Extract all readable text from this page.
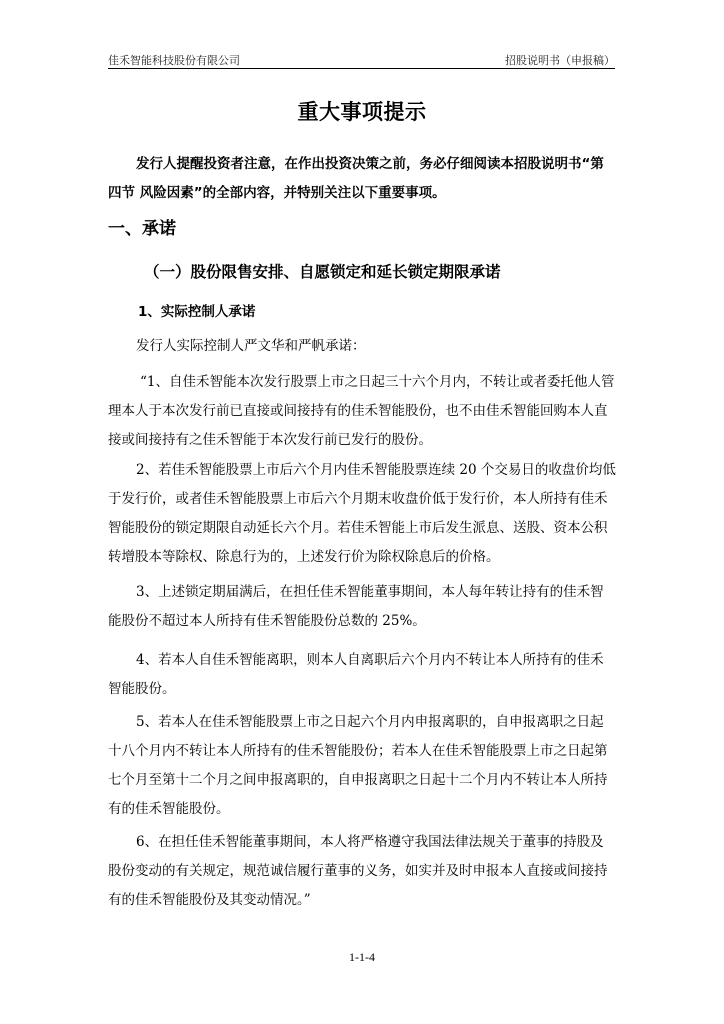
佳禾智能科技股份有限公司	招股说明书（申报稿）
重大事项提示

发行人提醒投资者注意，在作出投资决策之前，务必仔细阅读本招股说明书“第四节 风险因素”的全部内容，并特别关注以下重要事项。

一、承诺
（一）股份限售安排、自愿锁定和延长锁定期限承诺
1、实际控制人承诺

发行人实际控制人严文华和严帆承诺：

“1、自佳禾智能本次发行股票上市之日起三十六个月内，不转让或者委托他人管理本人于本次发行前已直接或间接持有的佳禾智能股份，也不由佳禾智能回购本人直接或间接持有之佳禾智能于本次发行前已发行的股份。

2、若佳禾智能股票上市后六个月内佳禾智能股票连续 20 个交易日的收盘价均低于发行价，或者佳禾智能股票上市后六个月期末收盘价低于发行价，本人所持有佳禾智能股份的锁定期限自动延长六个月。若佳禾智能上市后发生派息、送股、资本公积转增股本等除权、除息行为的，上述发行价为除权除息后的价格。

3、上述锁定期届满后，在担任佳禾智能董事期间，本人每年转让持有的佳禾智能股份不超过本人所持有佳禾智能股份总数的 25%。

4、若本人自佳禾智能离职，则本人自离职后六个月内不转让本人所持有的佳禾智能股份。

5、若本人在佳禾智能股票上市之日起六个月内申报离职的，自申报离职之日起十八个月内不转让本人所持有的佳禾智能股份；若本人在佳禾智能股票上市之日起第七个月至第十二个月之间申报离职的，自申报离职之日起十二个月内不转让本人所持有的佳禾智能股份。

6、在担任佳禾智能董事期间，本人将严格遵守我国法律法规关于董事的持股及股份变动的有关规定，规范诚信履行董事的义务，如实并及时申报本人直接或间接持有的佳禾智能股份及其变动情况。”

1-1-4
